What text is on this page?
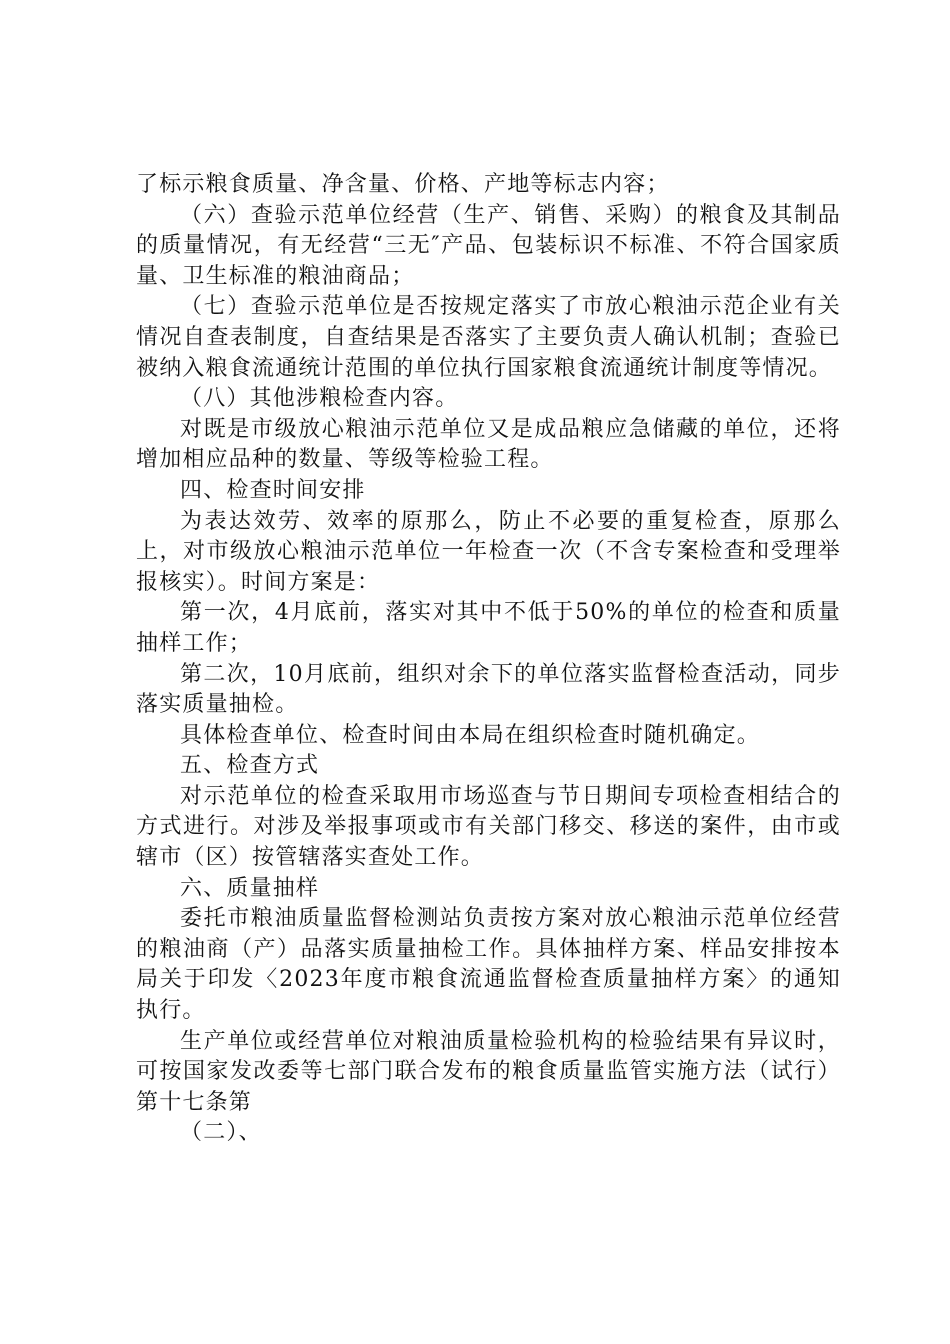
了标示粮食质量、净含量、价格、产地等标志内容；

（六）查验示范单位经营（生产、销售、采购）的粮食及其制品的质量情况，有无经营“三无″产品、包装标识不标准、不符合国家质量、卫生标准的粮油商品；

（七）查验示范单位是否按规定落实了市放心粮油示范企业有关情况自查表制度，自查结果是否落实了主要负责人确认机制；查验已被纳入粮食流通统计范围的单位执行国家粮食流通统计制度等情况。

（八）其他涉粮检查内容。

对既是市级放心粮油示范单位又是成品粮应急储藏的单位，还将增加相应品种的数量、等级等检验工程。

四、检查时间安排

为表达效劳、效率的原那么，防止不必要的重复检查，原那么上，对市级放心粮油示范单位一年检查一次（不含专案检查和受理举报核实）。时间方案是：

第一次，4月底前，落实对其中不低于50%的单位的检查和质量抽样工作；

第二次，10月底前，组织对余下的单位落实监督检查活动，同步落实质量抽检。

具体检查单位、检查时间由本局在组织检查时随机确定。

五、检查方式

对示范单位的检查采取用市场巡查与节日期间专项检查相结合的方式进行。对涉及举报事项或市有关部门移交、移送的案件，由市或辖市（区）按管辖落实查处工作。

六、质量抽样

委托市粮油质量监督检测站负责按方案对放心粮油示范单位经营的粮油商（产）品落实质量抽检工作。具体抽样方案、样品安排按本局关于印发〈2023年度市粮食流通监督检查质量抽样方案〉的通知执行。

生产单位或经营单位对粮油质量检验机构的检验结果有异议时，可按国家发改委等七部门联合发布的粮食质量监管实施方法（试行）第十七条第

（二）、
